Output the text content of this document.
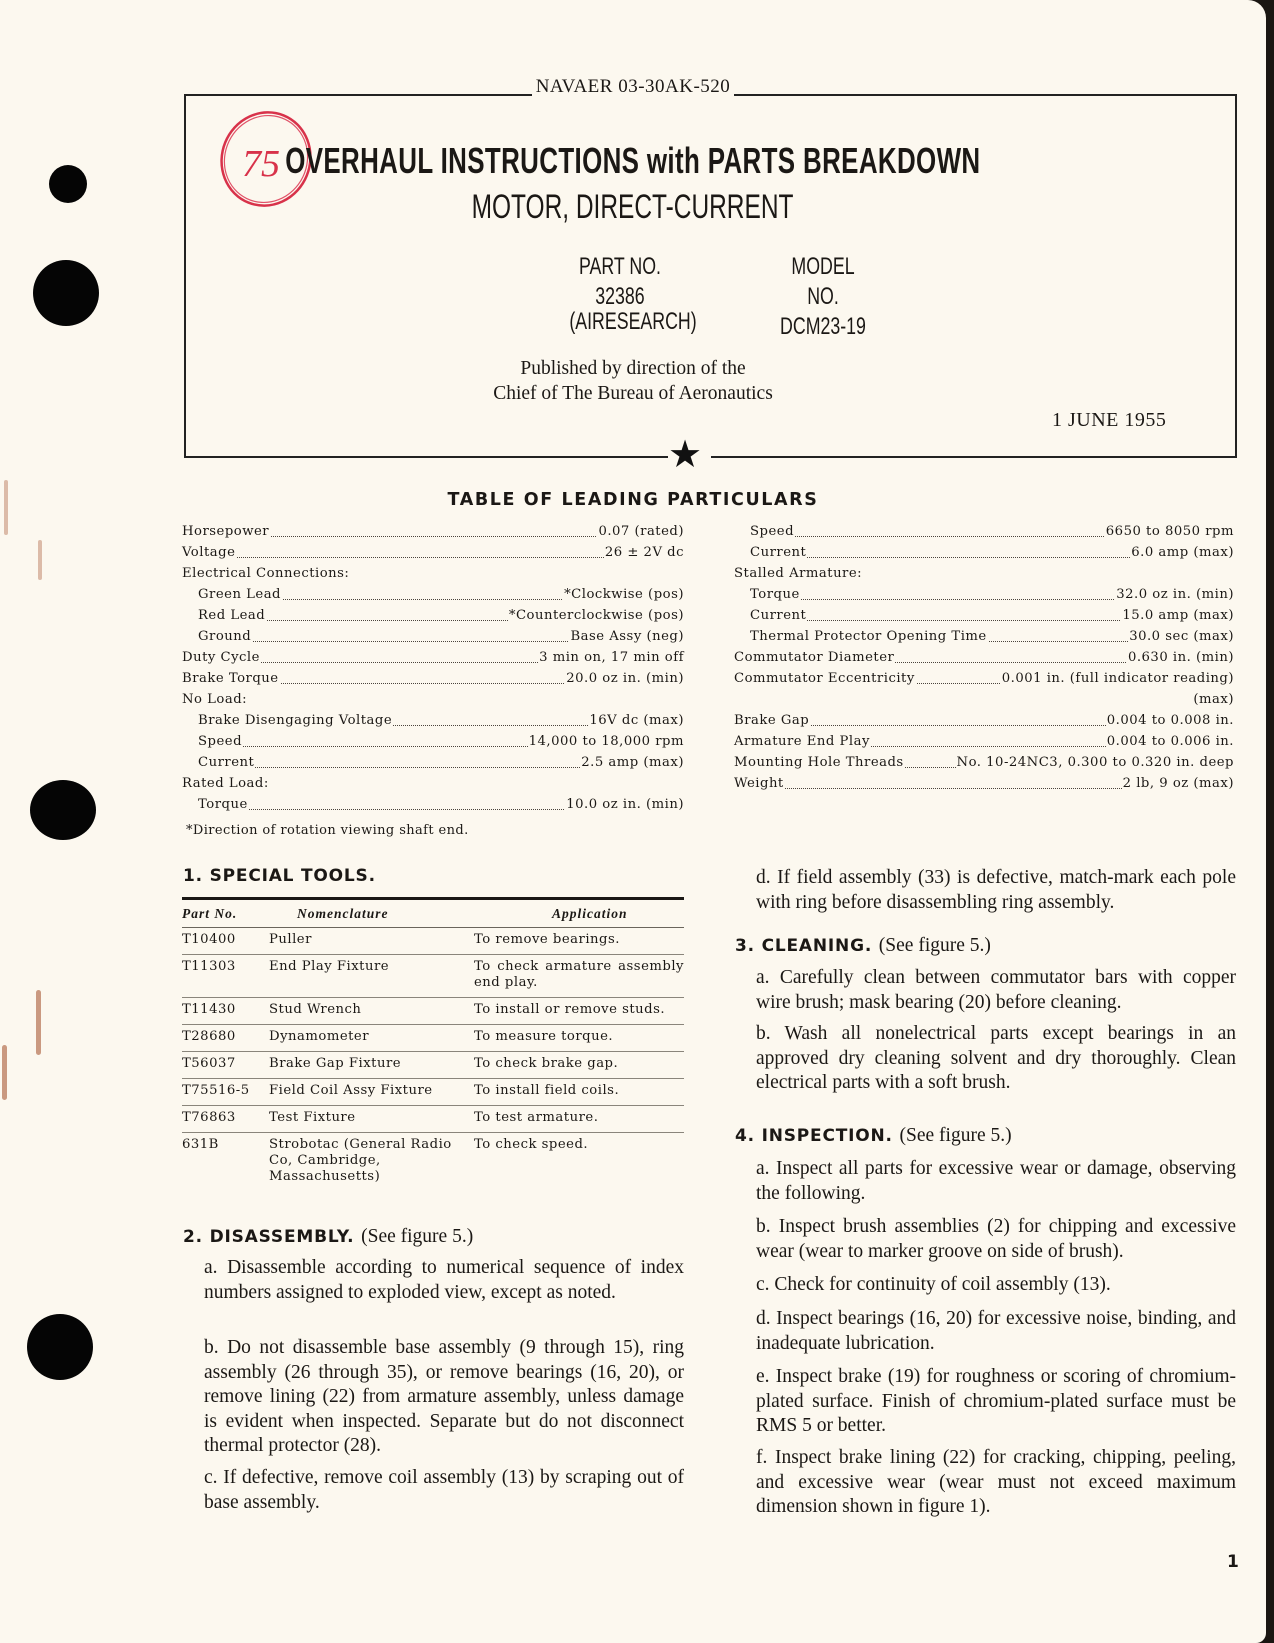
NAVAER 03-30AK-520
★
75 OVERHAUL INSTRUCTIONS with PARTS BREAKDOWN
MOTOR, DIRECT-CURRENT
PART NO.
32386
MODEL NO.
DCM23-19
(AIRESEARCH)
Published by direction of the
Chief of The Bureau of Aeronautics
1 JUNE 1955
TABLE OF LEADING PARTICULARS
Horsepower	0.07 (rated)
Voltage	26 ± 2V dc
Electrical Connections:
Green Lead	*Clockwise (pos)
Red Lead	*Counterclockwise (pos)
Ground	Base Assy (neg)
Duty Cycle	3 min on, 17 min off
Brake Torque	20.0 oz in. (min)
No Load:
Brake Disengaging Voltage	16V dc (max)
Speed	14,000 to 18,000 rpm
Current	2.5 amp (max)
Rated Load:
Torque	10.0 oz in. (min)
Speed	6650 to 8050 rpm
Current	6.0 amp (max)
Stalled Armature:
Torque	32.0 oz in. (min)
Current	15.0 amp (max)
Thermal Protector Opening Time	30.0 sec (max)
Commutator Diameter	0.630 in. (min)
Commutator Eccentricity	0.001 in. (full indicator reading)
(max)
Brake Gap	0.004 to 0.008 in.
Armature End Play	0.004 to 0.006 in.
Mounting Hole Threads	No. 10-24NC3, 0.300 to 0.320 in. deep
Weight	2 lb, 9 oz (max)
*Direction of rotation viewing shaft end.
1. SPECIAL TOOLS.
Part No.	Nomenclature	Application
T10400	Puller	To remove bearings.
T11303	End Play Fixture	To check armature assembly end play.
T11430	Stud Wrench	To install or remove studs.
T28680	Dynamometer	To measure torque.
T56037	Brake Gap Fixture	To check brake gap.
T75516-5	Field Coil Assy Fixture	To install field coils.
T76863	Test Fixture	To test armature.
631B	Strobotac (General Radio Co, Cambridge, Massachusetts)	To check speed.
2. DISASSEMBLY. (See figure 5.)
a. Disassemble according to numerical sequence of index numbers assigned to exploded view, except as noted.
b. Do not disassemble base assembly (9 through 15), ring assembly (26 through 35), or remove bearings (16, 20), or remove lining (22) from armature assembly, unless damage is evident when inspected. Separate but do not disconnect thermal protector (28).
c. If defective, remove coil assembly (13) by scraping out of base assembly.
d. If field assembly (33) is defective, match-mark each pole with ring before disassembling ring assembly.
3. CLEANING. (See figure 5.)
a. Carefully clean between commutator bars with copper wire brush; mask bearing (20) before cleaning.
b. Wash all nonelectrical parts except bearings in an approved dry cleaning solvent and dry thoroughly. Clean electrical parts with a soft brush.
4. INSPECTION. (See figure 5.)
a. Inspect all parts for excessive wear or damage, observing the following.
b. Inspect brush assemblies (2) for chipping and excessive wear (wear to marker groove on side of brush).
c. Check for continuity of coil assembly (13).
d. Inspect bearings (16, 20) for excessive noise, binding, and inadequate lubrication.
e. Inspect brake (19) for roughness or scoring of chromium-plated surface. Finish of chromium-plated surface must be RMS 5 or better.
f. Inspect brake lining (22) for cracking, chipping, peeling, and excessive wear (wear must not exceed maximum dimension shown in figure 1).
1
